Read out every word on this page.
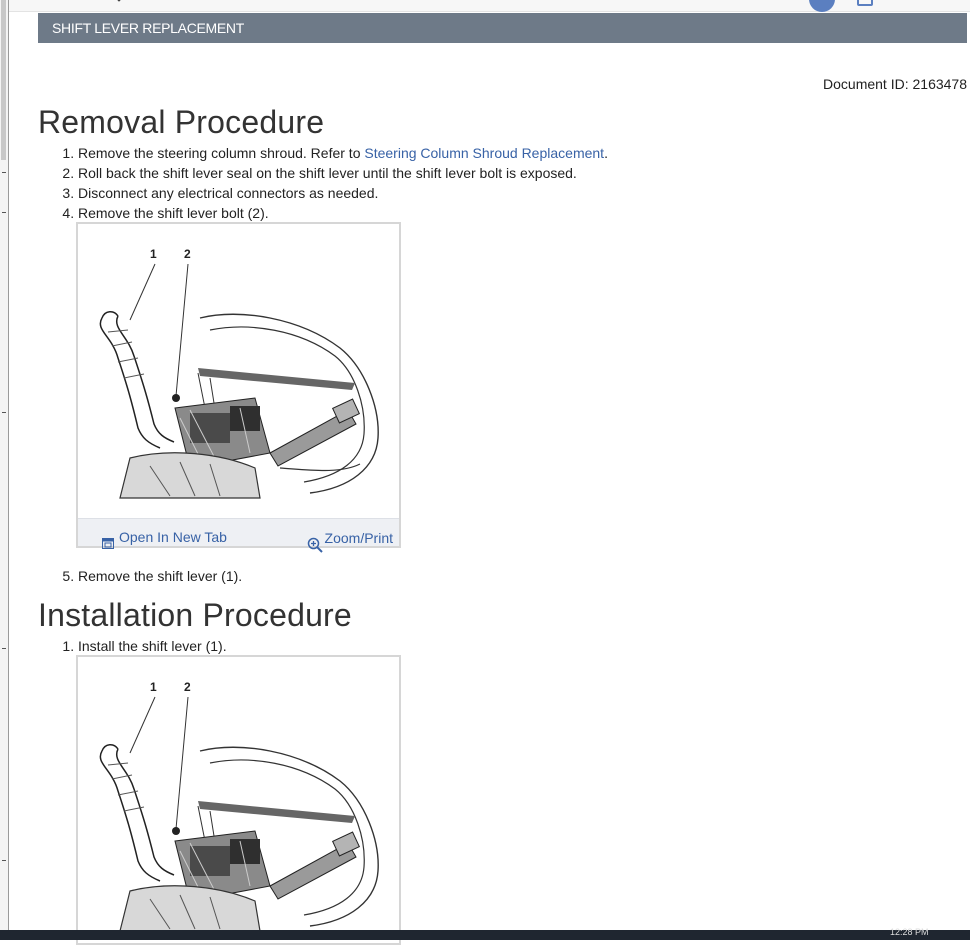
SHIFT LEVER REPLACEMENT
Document ID: 2163478
Removal Procedure
1. Remove the steering column shroud. Refer to Steering Column Shroud Replacement.
2. Roll back the shift lever seal on the shift lever until the shift lever bolt is exposed.
3. Disconnect any electrical connectors as needed.
4. Remove the shift lever bolt (2).
1 2
Open In New Tab	Zoom/Print
5. Remove the shift lever (1).
Installation Procedure
1. Install the shift lever (1).
1 2
12:28 PM
